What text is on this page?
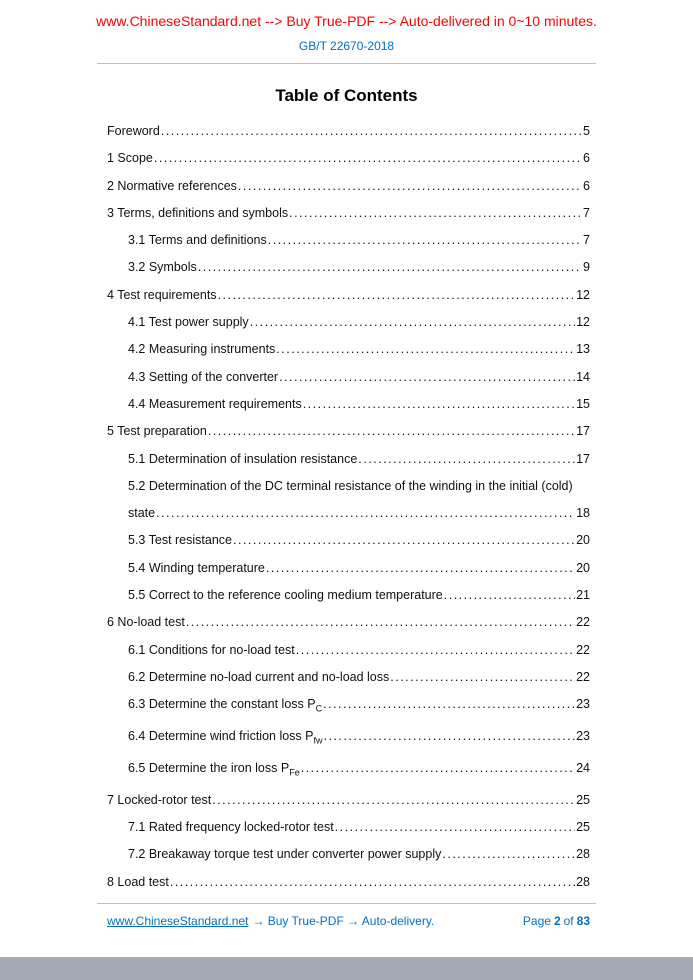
www.ChineseStandard.net --> Buy True-PDF --> Auto-delivered in 0~10 minutes.
GB/T 22670-2018
Table of Contents
Foreword .....	5
1 Scope .....	6
2 Normative references .....	6
3 Terms, definitions and symbols .....	7
3.1 Terms and definitions .....	7
3.2 Symbols .....	9
4 Test requirements .....	12
4.1 Test power supply .....	12
4.2 Measuring instruments .....	13
4.3 Setting of the converter .....	14
4.4 Measurement requirements .....	15
5 Test preparation .....	17
5.1 Determination of insulation resistance .....	17
5.2 Determination of the DC terminal resistance of the winding in the initial (cold)
state .....	18
5.3 Test resistance .....	20
5.4 Winding temperature .....	20
5.5 Correct to the reference cooling medium temperature .....	21
6 No-load test .....	22
6.1 Conditions for no-load test .....	22
6.2 Determine no-load current and no-load loss .....	22
6.3 Determine the constant loss $P_C$ .....	23
6.4 Determine wind friction loss $P_{fw}$ .....	23
6.5 Determine the iron loss $P_{Fe}$ .....	24
7 Locked-rotor test .....	25
7.1 Rated frequency locked-rotor test .....	25
7.2 Breakaway torque test under converter power supply .....	28
8 Load test .....	28
www.ChineseStandard.net → Buy True-PDF → Auto-delivery.	Page 2 of 83
